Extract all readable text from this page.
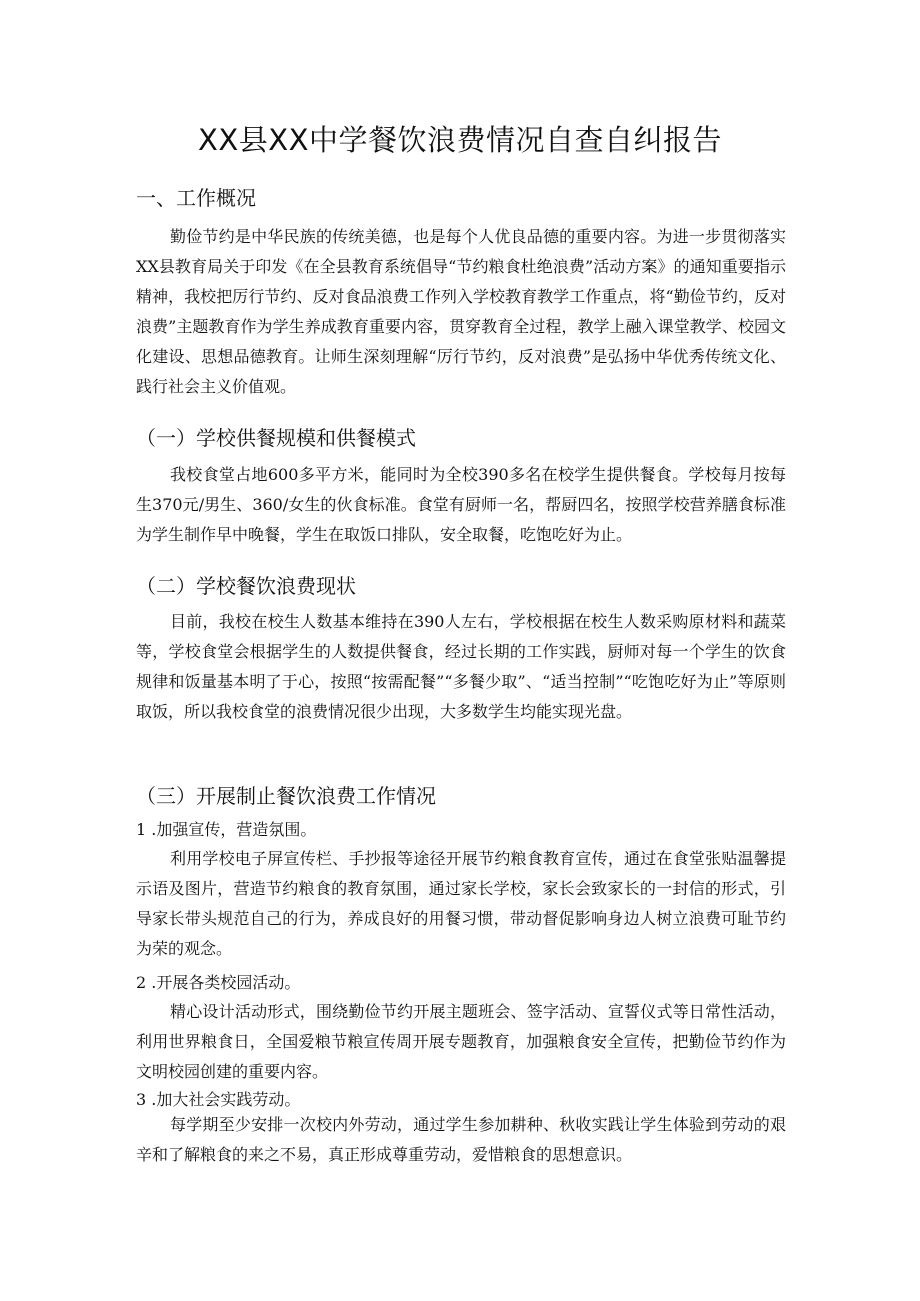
XX县XX中学餐饮浪费情况自查自纠报告
一、工作概况

勤俭节约是中华民族的传统美德，也是每个人优良品德的重要内容。为进一步贯彻落实XX县教育局关于印发《在全县教育系统倡导“节约粮食杜绝浪费”活动方案》的通知重要指示精神，我校把厉行节约、反对食品浪费工作列入学校教育教学工作重点，将“勤俭节约，反对浪费”主题教育作为学生养成教育重要内容，贯穿教育全过程，教学上融入课堂教学、校园文化建设、思想品德教育。让师生深刻理解“厉行节约，反对浪费”是弘扬中华优秀传统文化、践行社会主义价值观。

（一）学校供餐规模和供餐模式

我校食堂占地600多平方米，能同时为全校390多名在校学生提供餐食。学校每月按每生370元/男生、360/女生的伙食标准。食堂有厨师一名，帮厨四名，按照学校营养膳食标准为学生制作早中晚餐，学生在取饭口排队，安全取餐，吃饱吃好为止。

（二）学校餐饮浪费现状

目前，我校在校生人数基本维持在390人左右，学校根据在校生人数采购原材料和蔬菜等，学校食堂会根据学生的人数提供餐食，经过长期的工作实践，厨师对每一个学生的饮食规律和饭量基本明了于心，按照“按需配餐”“多餐少取”、“适当控制”“吃饱吃好为止”等原则取饭，所以我校食堂的浪费情况很少出现，大多数学生均能实现光盘。

（三）开展制止餐饮浪费工作情况
1 .加强宣传，营造氛围。

利用学校电子屏宣传栏、手抄报等途径开展节约粮食教育宣传，通过在食堂张贴温馨提示语及图片，营造节约粮食的教育氛围，通过家长学校，家长会致家长的一封信的形式，引导家长带头规范自己的行为，养成良好的用餐习惯，带动督促影响身边人树立浪费可耻节约为荣的观念。

2 .开展各类校园活动。

精心设计活动形式，围绕勤俭节约开展主题班会、签字活动、宣誓仪式等日常性活动，利用世界粮食日，全国爱粮节粮宣传周开展专题教育，加强粮食安全宣传，把勤俭节约作为文明校园创建的重要内容。

3 .加大社会实践劳动。

每学期至少安排一次校内外劳动，通过学生参加耕种、秋收实践让学生体验到劳动的艰辛和了解粮食的来之不易，真正形成尊重劳动，爱惜粮食的思想意识。
